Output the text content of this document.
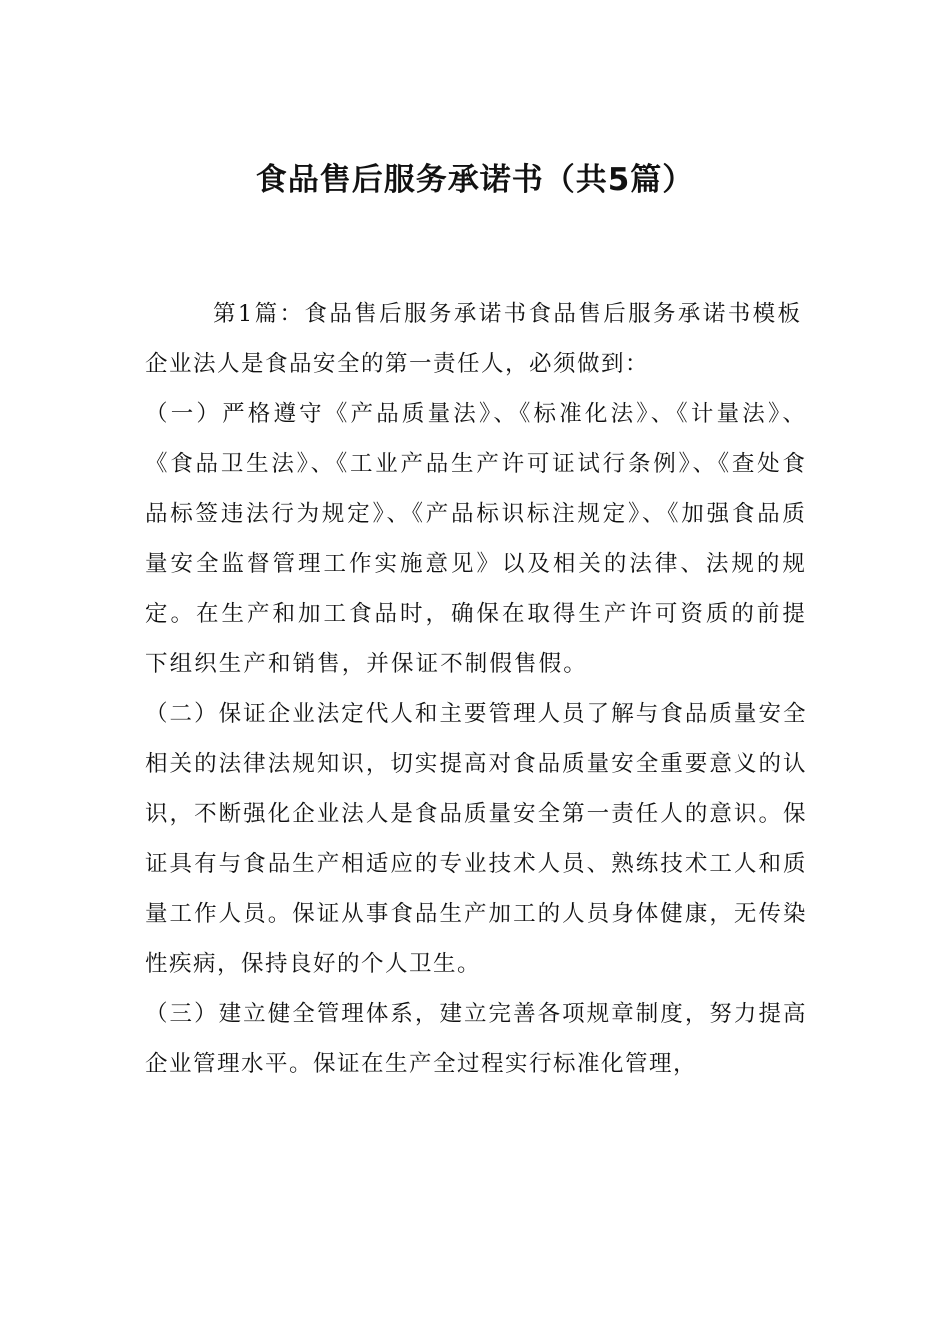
食品售后服务承诺书（共5篇）

第1篇：食品售后服务承诺书食品售后服务承诺书模板

企业法人是食品安全的第一责任人，必须做到：

（一）严格遵守《产品质量法》、《标准化法》、《计量法》、《食品卫生法》、《工业产品生产许可证试行条例》、《查处食品标签违法行为规定》、《产品标识标注规定》、《加强食品质量安全监督管理工作实施意见》以及相关的法律、法规的规定。在生产和加工食品时，确保在取得生产许可资质的前提下组织生产和销售，并保证不制假售假。

（二）保证企业法定代人和主要管理人员了解与食品质量安全相关的法律法规知识，切实提高对食品质量安全重要意义的认识，不断强化企业法人是食品质量安全第一责任人的意识。保证具有与食品生产相适应的专业技术人员、熟练技术工人和质量工作人员。保证从事食品生产加工的人员身体健康，无传染性疾病，保持良好的个人卫生。

（三）建立健全管理体系，建立完善各项规章制度，努力提高企业管理水平。保证在生产全过程实行标准化管理，
